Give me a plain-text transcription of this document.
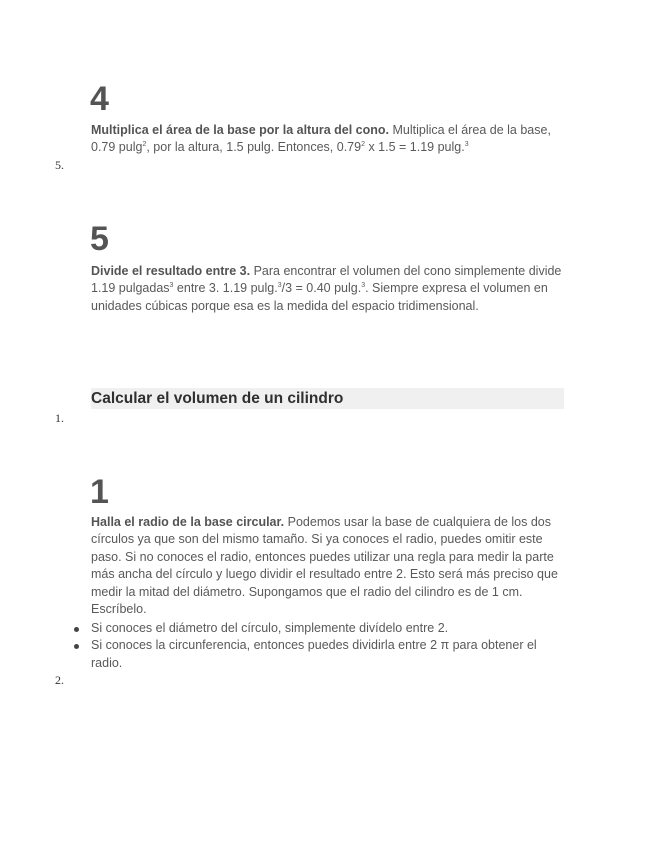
4

Multiplica el área de la base por la altura del cono. Multiplica el área de la base, 0.79 pulg$^2$, por la altura, 1.5 pulg. Entonces, 0.79$^2$ x 1.5 = 1.19 pulg.$^3$

5.
5

Divide el resultado entre 3. Para encontrar el volumen del cono simplemente divide 1.19 pulgadas$^3$ entre 3. 1.19 pulg.$^3$/3 = 0.40 pulg.$^3$. Siempre expresa el volumen en unidades cúbicas porque esa es la medida del espacio tridimensional.

Calcular el volumen de un cilindro
1.
1

Halla el radio de la base circular. Podemos usar la base de cualquiera de los dos círculos ya que son del mismo tamaño. Si ya conoces el radio, puedes omitir este paso. Si no conoces el radio, entonces puedes utilizar una regla para medir la parte más ancha del círculo y luego dividir el resultado entre 2. Esto será más preciso que medir la mitad del diámetro. Supongamos que el radio del cilindro es de 1 cm. Escríbelo.

Si conoces el diámetro del círculo, simplemente divídelo entre 2.
Si conoces la circunferencia, entonces puedes dividirla entre 2 π para obtener el radio.
2.
